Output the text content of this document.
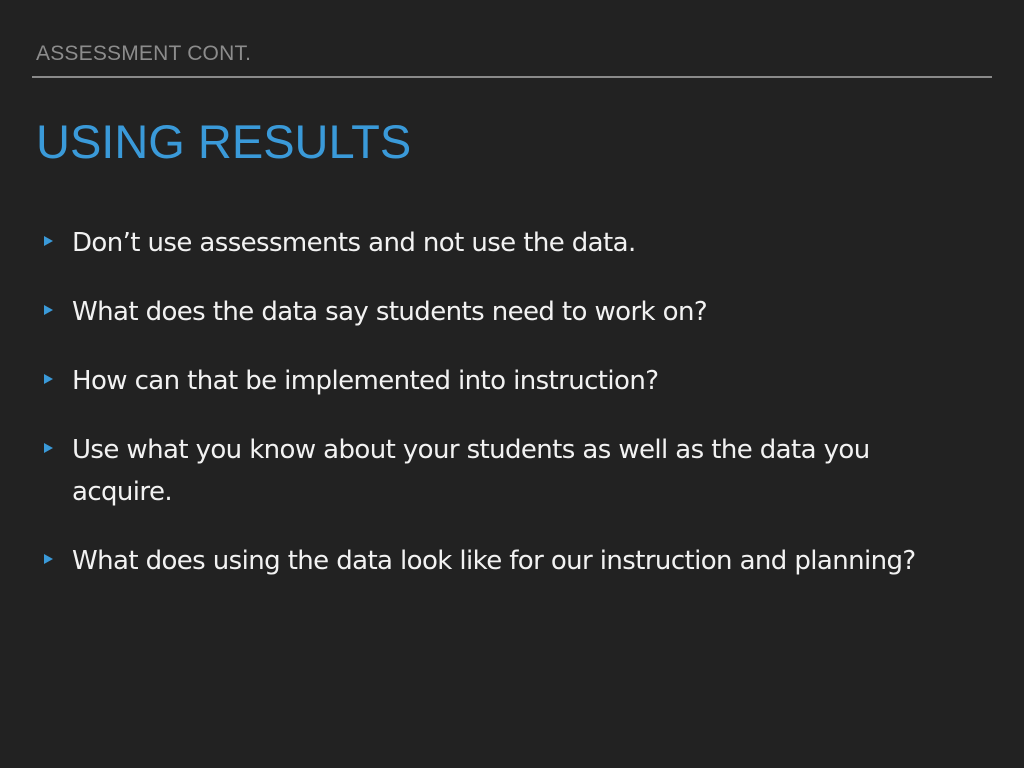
ASSESSMENT CONT.
USING RESULTS
Don’t use assessments and not use the data.
What does the data say students need to work on?
How can that be implemented into instruction?
Use what you know about your students as well as the data you acquire.
What does using the data look like for our instruction and planning?
